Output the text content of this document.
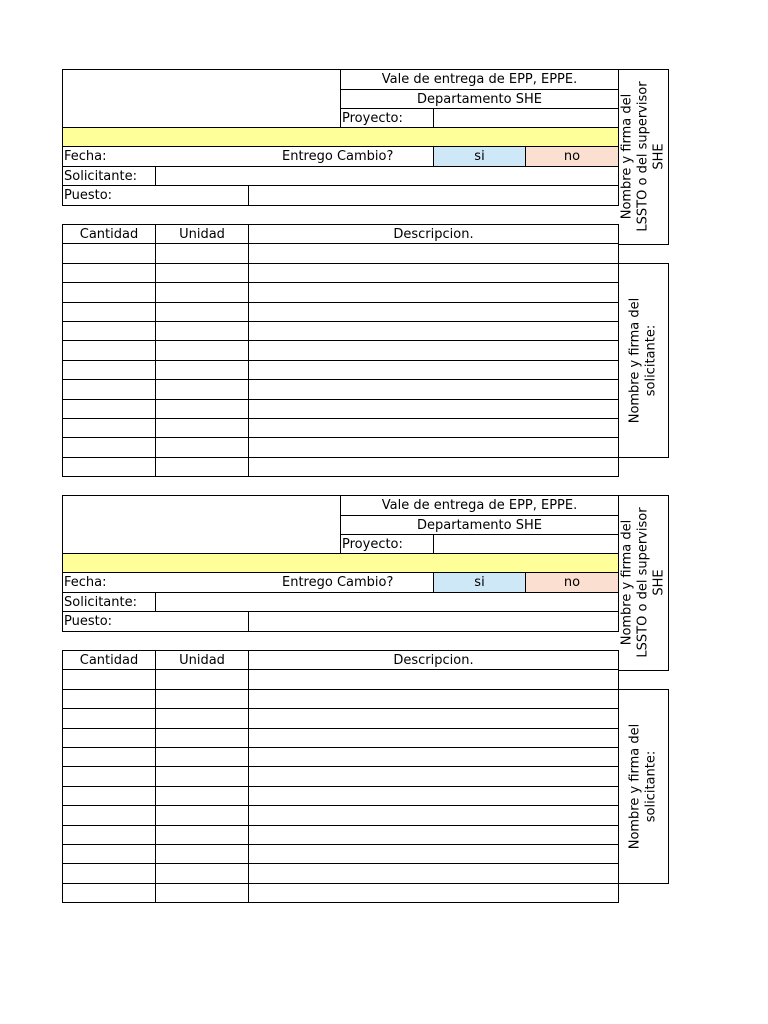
Vale de entrega de EPP, EPPE.
Departamento SHE
Proyecto:
Fecha:	Entrego Cambio?	si	no
Solicitante:
Puesto:
Cantidad	Unidad	Descripcion.
Nombre y firma del LSSTO o del supervisor SHE
Nombre y firma del solicitante:
Vale de entrega de EPP, EPPE.
Departamento SHE
Proyecto:
Fecha:	Entrego Cambio?	si	no
Solicitante:
Puesto:
Cantidad	Unidad	Descripcion.
Nombre y firma del LSSTO o del supervisor SHE
Nombre y firma del solicitante:
